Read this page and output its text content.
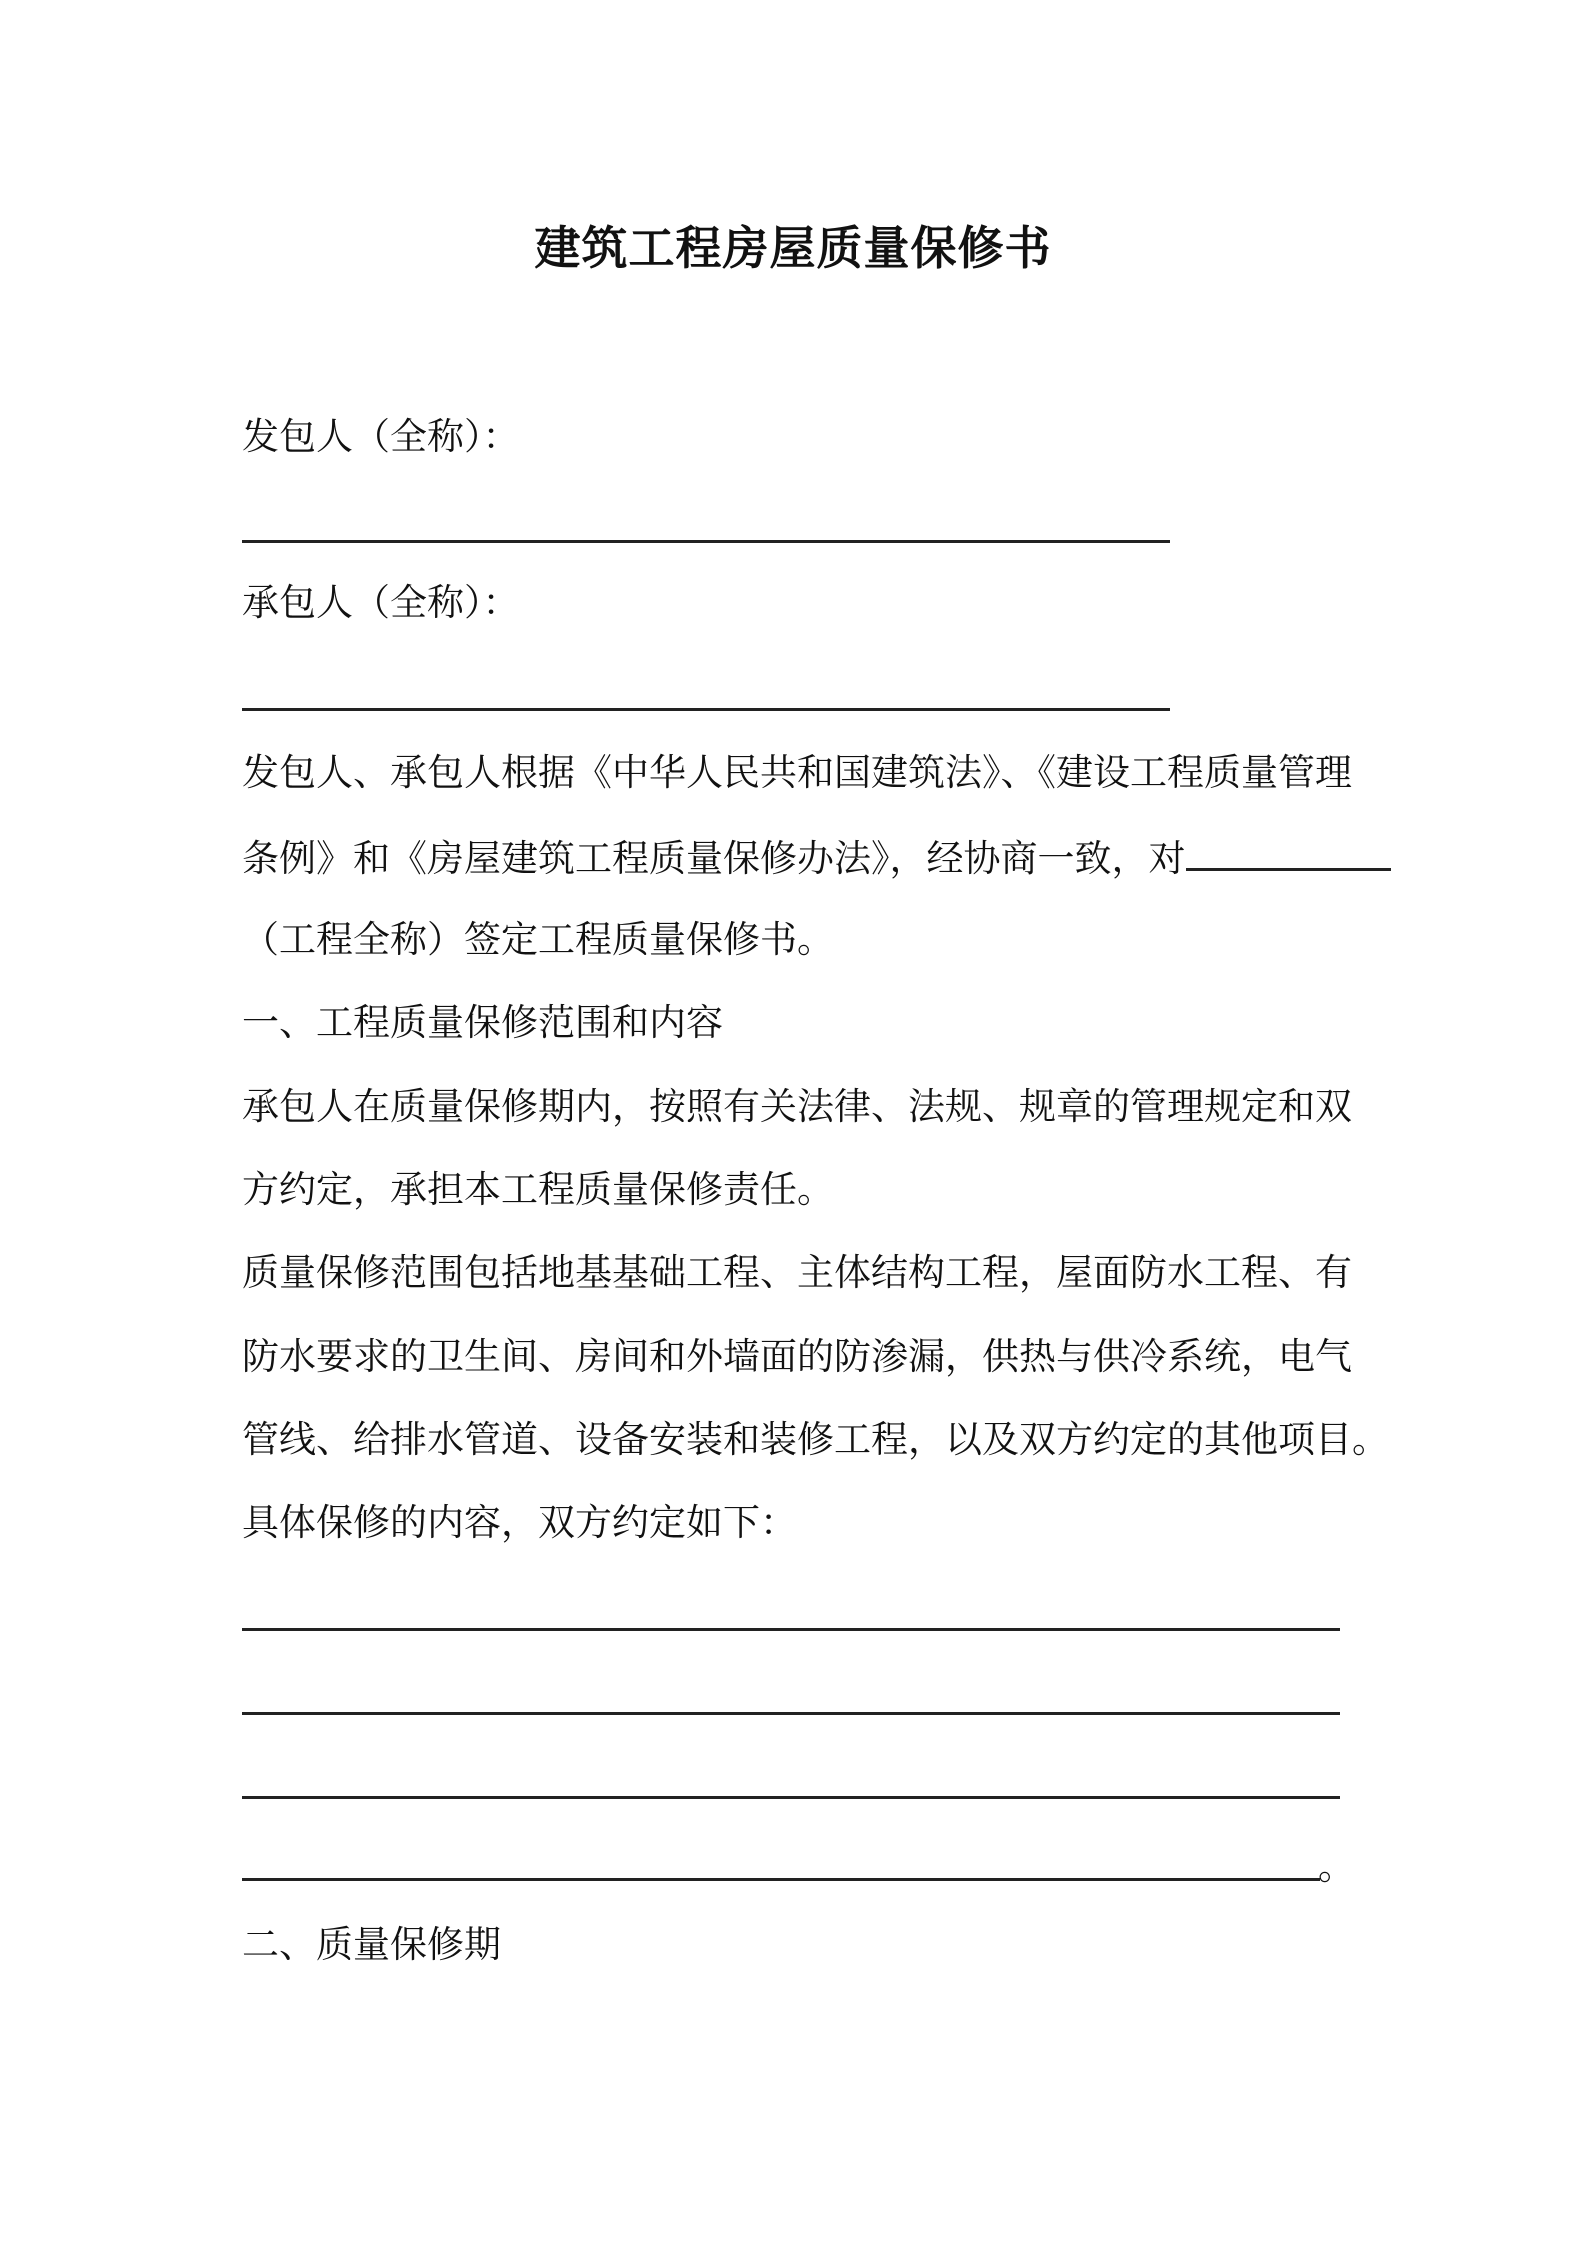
建筑工程房屋质量保修书
发包人（全称）：
承包人（全称）：
发包人、承包人根据《中华人民共和国建筑法》、《建设工程质量管理
条例》和《房屋建筑工程质量保修办法》，经协商一致，对
（工程全称）签定工程质量保修书。
一、工程质量保修范围和内容
承包人在质量保修期内，按照有关法律、法规、规章的管理规定和双
方约定，承担本工程质量保修责任。
质量保修范围包括地基基础工程、主体结构工程，屋面防水工程、有
防水要求的卫生间、房间和外墙面的防渗漏，供热与供冷系统，电气
管线、给排水管道、设备安装和装修工程，以及双方约定的其他项目。
具体保修的内容，双方约定如下：
。
二、质量保修期
